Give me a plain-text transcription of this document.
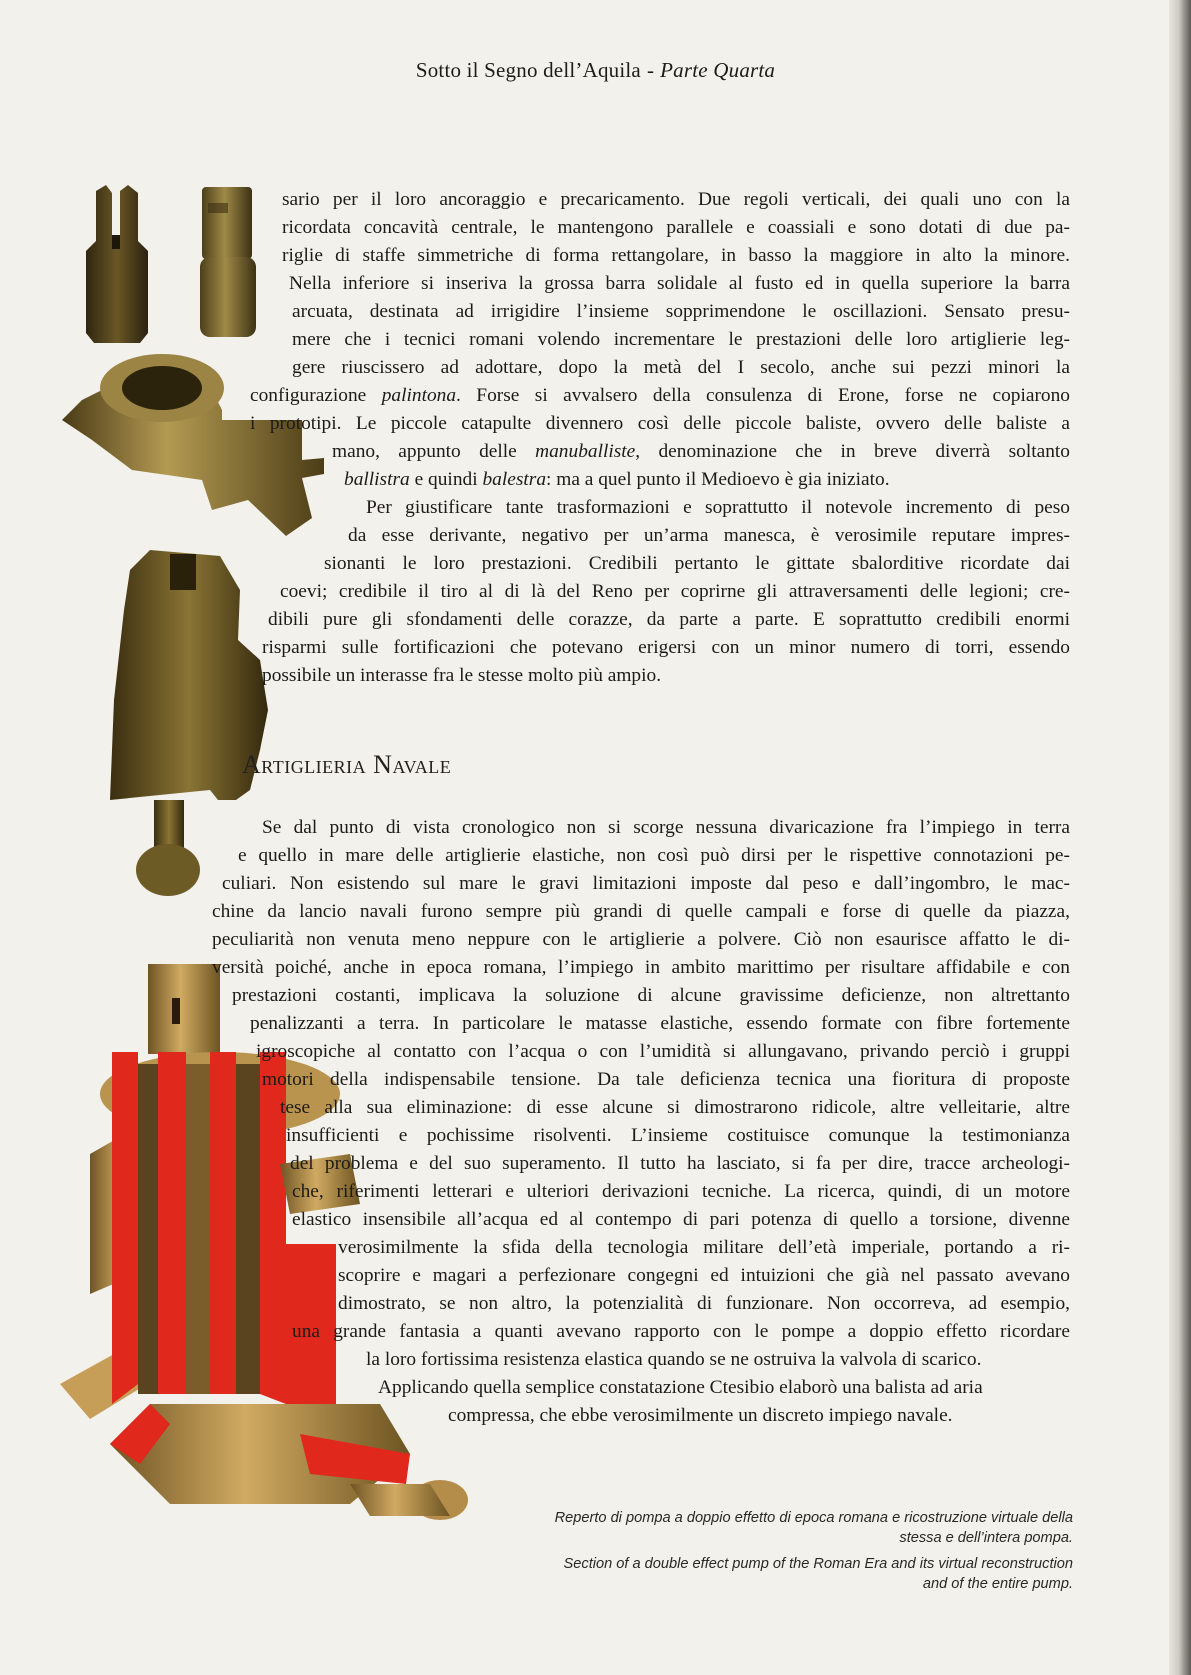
Sotto il Segno dell’Aquila - Parte Quarta
sario per il loro ancoraggio e precaricamento. Due regoli verticali, dei quali uno con la
ricordata concavità centrale, le mantengono parallele e coassiali e sono dotati di due pa-
riglie di staffe simmetriche di forma rettangolare, in basso la maggiore in alto la minore.
Nella inferiore si inseriva la grossa barra solidale al fusto ed in quella superiore la barra
arcuata, destinata ad irrigidire l’insieme sopprimendone le oscillazioni. Sensato presu-
mere che i tecnici romani volendo incrementare le prestazioni delle loro artiglierie leg-
gere riuscissero ad adottare, dopo la metà del I secolo, anche sui pezzi minori la
configurazione palintona. Forse si avvalsero della consulenza di Erone, forse ne copiarono
i prototipi. Le piccole catapulte divennero così delle piccole baliste, ovvero delle baliste a
mano, appunto delle manuballiste, denominazione che in breve diverrà soltanto
ballistra e quindi balestra: ma a quel punto il Medioevo è gia iniziato.
Per giustificare tante trasformazioni e soprattutto il notevole incremento di peso
da esse derivante, negativo per un’arma manesca, è verosimile reputare impres-
sionanti le loro prestazioni. Credibili pertanto le gittate sbalorditive ricordate dai
coevi; credibile il tiro al di là del Reno per coprirne gli attraversamenti delle legioni; cre-
dibili pure gli sfondamenti delle corazze, da parte a parte. E soprattutto credibili enormi
risparmi sulle fortificazioni che potevano erigersi con un minor numero di torri, essendo
possibile un interasse fra le stesse molto più ampio.
Artiglieria Navale
Se dal punto di vista cronologico non si scorge nessuna divaricazione fra l’impiego in terra
e quello in mare delle artiglierie elastiche, non così può dirsi per le rispettive connotazioni pe-
culiari. Non esistendo sul mare le gravi limitazioni imposte dal peso e dall’ingombro, le mac-
chine da lancio navali furono sempre più grandi di quelle campali e forse di quelle da piazza,
peculiarità non venuta meno neppure con le artiglierie a polvere. Ciò non esaurisce affatto le di-
versità poiché, anche in epoca romana, l’impiego in ambito marittimo per risultare affidabile e con
prestazioni costanti, implicava la soluzione di alcune gravissime deficienze, non altrettanto
penalizzanti a terra. In particolare le matasse elastiche, essendo formate con fibre fortemente
igroscopiche al contatto con l’acqua o con l’umidità si allungavano, privando perciò i gruppi
motori della indispensabile tensione. Da tale deficienza tecnica una fioritura di proposte
tese alla sua eliminazione: di esse alcune si dimostrarono ridicole, altre velleitarie, altre
insufficienti e pochissime risolventi. L’insieme costituisce comunque la testimonianza
del problema e del suo superamento. Il tutto ha lasciato, si fa per dire, tracce archeologi-
che, riferimenti letterari e ulteriori derivazioni tecniche. La ricerca, quindi, di un motore
elastico insensibile all’acqua ed al contempo di pari potenza di quello a torsione, divenne
verosimilmente la sfida della tecnologia militare dell’età imperiale, portando a ri-
scoprire e magari a perfezionare congegni ed intuizioni che già nel passato avevano
dimostrato, se non altro, la potenzialità di funzionare. Non occorreva, ad esempio,
una grande fantasia a quanti avevano rapporto con le pompe a doppio effetto ricordare
la loro fortissima resistenza elastica quando se ne ostruiva la valvola di scarico.
Applicando quella semplice constatazione Ctesibio elaborò una balista ad aria
compressa, che ebbe verosimilmente un discreto impiego navale.
Reperto di pompa a doppio effetto di epoca romana e ricostruzione virtuale della
stessa e dell’intera pompa.
Section of a double effect pump of the Roman Era and its virtual reconstruction
and of the entire pump.
